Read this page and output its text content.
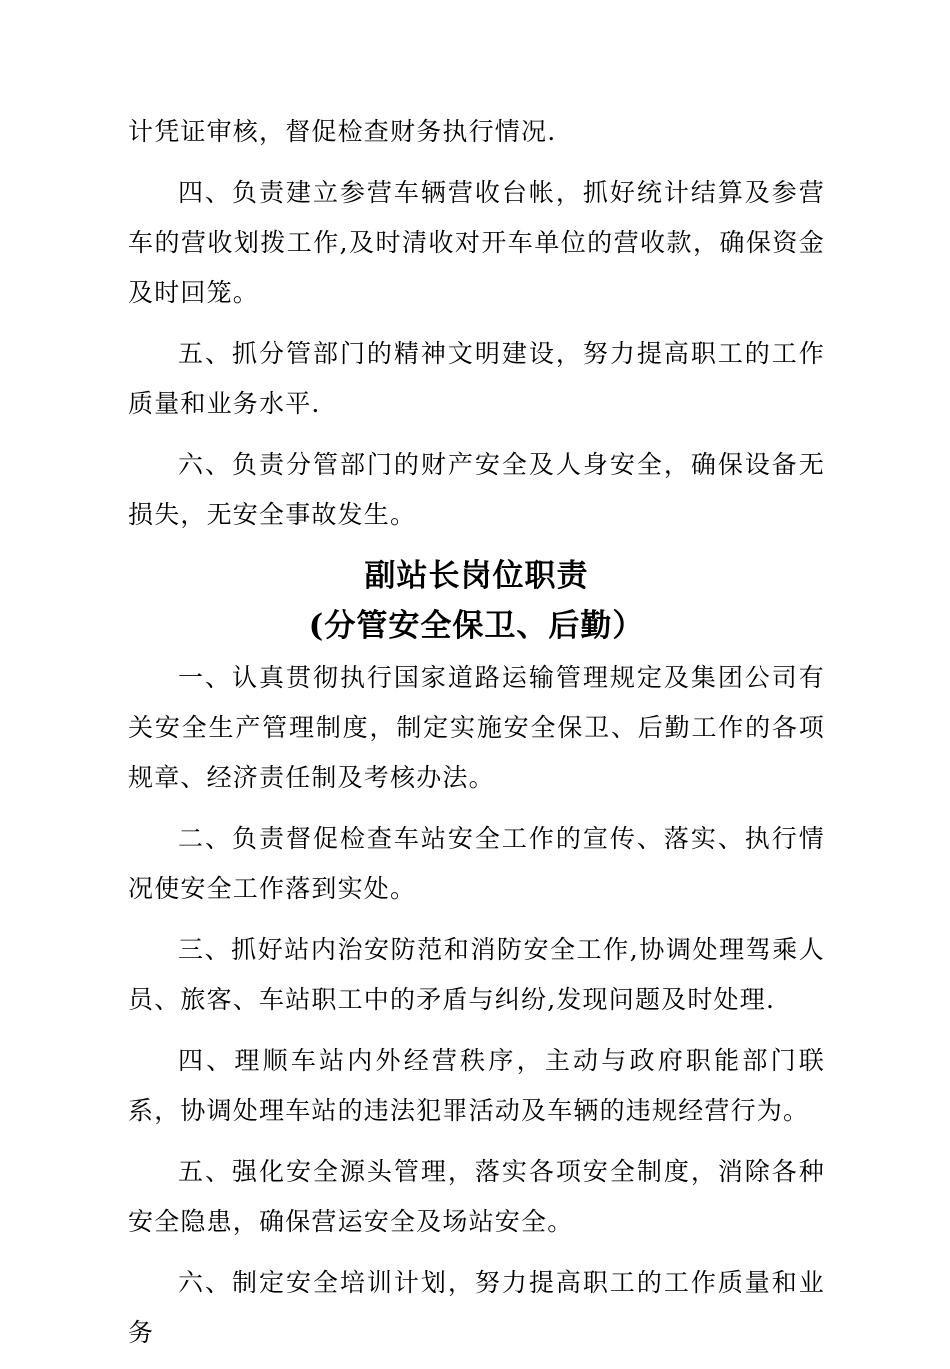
计凭证审核，督促检查财务执行情况.

四、负责建立参营车辆营收台帐，抓好统计结算及参营车的营收划拨工作,及时清收对开车单位的营收款，确保资金及时回笼。

五、抓分管部门的精神文明建设，努力提高职工的工作质量和业务水平.

六、负责分管部门的财产安全及人身安全，确保设备无损失，无安全事故发生。

副站长岗位职责
(分管安全保卫、后勤）

一、认真贯彻执行国家道路运输管理规定及集团公司有关安全生产管理制度，制定实施安全保卫、后勤工作的各项规章、经济责任制及考核办法。

二、负责督促检查车站安全工作的宣传、落实、执行情况使安全工作落到实处。

三、抓好站内治安防范和消防安全工作,协调处理驾乘人员、旅客、车站职工中的矛盾与纠纷,发现问题及时处理.

四、理顺车站内外经营秩序，主动与政府职能部门联系，协调处理车站的违法犯罪活动及车辆的违规经营行为。

五、强化安全源头管理，落实各项安全制度，消除各种安全隐患，确保营运安全及场站安全。

六、制定安全培训计划，努力提高职工的工作质量和业务
